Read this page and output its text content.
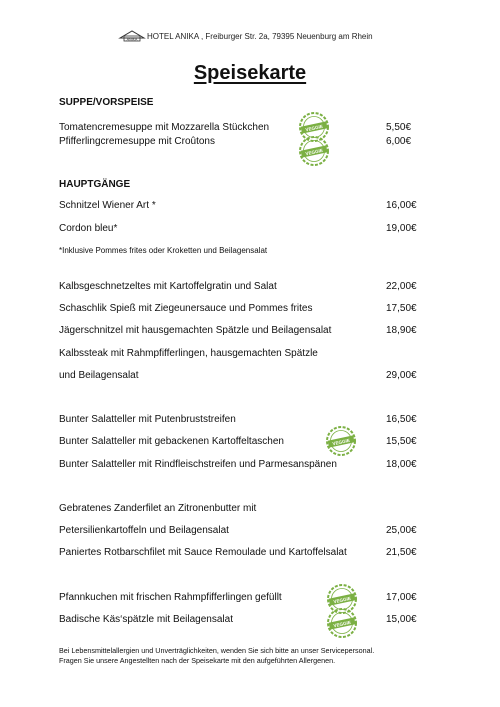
ANIKA HOTEL ANIKA , Freiburger Str. 2a, 79395 Neuenburg am Rhein
Speisekarte
SUPPE/VORSPEISE
HAUPTGÄNGE
Tomatencremesuppe mit Mozzarella Stückchen	5,50€
Pfifferlingcremesuppe mit Croûtons	6,00€
Schnitzel Wiener Art *	16,00€
Cordon bleu*	19,00€
*Inklusive Pommes frites oder Kroketten und Beilagensalat
Kalbsgeschnetzeltes mit Kartoffelgratin und Salat	22,00€
Schaschlik Spieß mit Ziegeunersauce und Pommes frites	17,50€
Jägerschnitzel mit hausgemachten Spätzle und Beilagensalat	18,90€
Kalbssteak mit Rahmpfifferlingen, hausgemachten Spätzle
und Beilagensalat	29,00€
Bunter Salatteller mit Putenbruststreifen	16,50€
Bunter Salatteller mit gebackenen Kartoffeltaschen	15,50€
Bunter Salatteller mit Rindfleischstreifen und Parmesanspänen	18,00€
Gebratenes Zanderfilet an Zitronenbutter mit
Petersilienkartoffeln und Beilagensalat	25,00€
Paniertes Rotbarschfilet mit Sauce Remoulade und Kartoffelsalat	21,50€
Pfannkuchen mit frischen Rahmpfifferlingen gefüllt	17,00€
Badische Käs‘spätzle mit Beilagensalat	15,00€
VEGGIE
VEGGIE
VEGGIE
VEGGIE
VEGGIE
Bei Lebensmittelallergien und Unverträglichkeiten, wenden Sie sich bitte an unser Servicepersonal.
Fragen Sie unsere Angestellten nach der Speisekarte mit den aufgeführten Allergenen.
